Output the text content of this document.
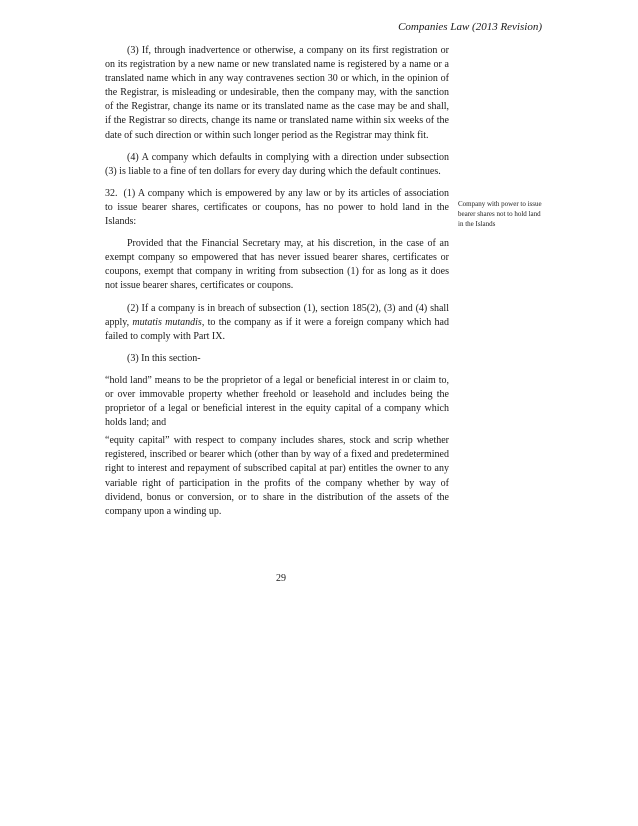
Companies Law (2013 Revision)

(3) If, through inadvertence or otherwise, a company on its first registration or on its registration by a new name or new translated name is registered by a name or a translated name which in any way contravenes section 30 or which, in the opinion of the Registrar, is misleading or undesirable, then the company may, with the sanction of the Registrar, change its name or its translated name as the case may be and shall, if the Registrar so directs, change its name or translated name within six weeks of the date of such direction or within such longer period as the Registrar may think fit.

(4) A company which defaults in complying with a direction under subsection (3) is liable to a fine of ten dollars for every day during which the default continues.

32. (1) A company which is empowered by any law or by its articles of association to issue bearer shares, certificates or coupons, has no power to hold land in the Islands:

Provided that the Financial Secretary may, at his discretion, in the case of an exempt company so empowered that has never issued bearer shares, certificates or coupons, exempt that company in writing from subsection (1) for as long as it does not issue bearer shares, certificates or coupons.

(2) If a company is in breach of subsection (1), section 185(2), (3) and (4) shall apply, mutatis mutandis, to the company as if it were a foreign company which had failed to comply with Part IX.

(3) In this section-

“hold land” means to be the proprietor of a legal or beneficial interest in or claim to, or over immovable property whether freehold or leasehold and includes being the proprietor of a legal or beneficial interest in the equity capital of a company which holds land; and

“equity capital” with respect to company includes shares, stock and scrip whether registered, inscribed or bearer which (other than by way of a fixed and predetermined right to interest and repayment of subscribed capital at par) entitles the owner to any variable right of participation in the profits of the company whether by way of dividend, bonus or conversion, or to share in the distribution of the assets of the company upon a winding up.

Company with power to issue bearer shares not to hold land in the Islands
29
